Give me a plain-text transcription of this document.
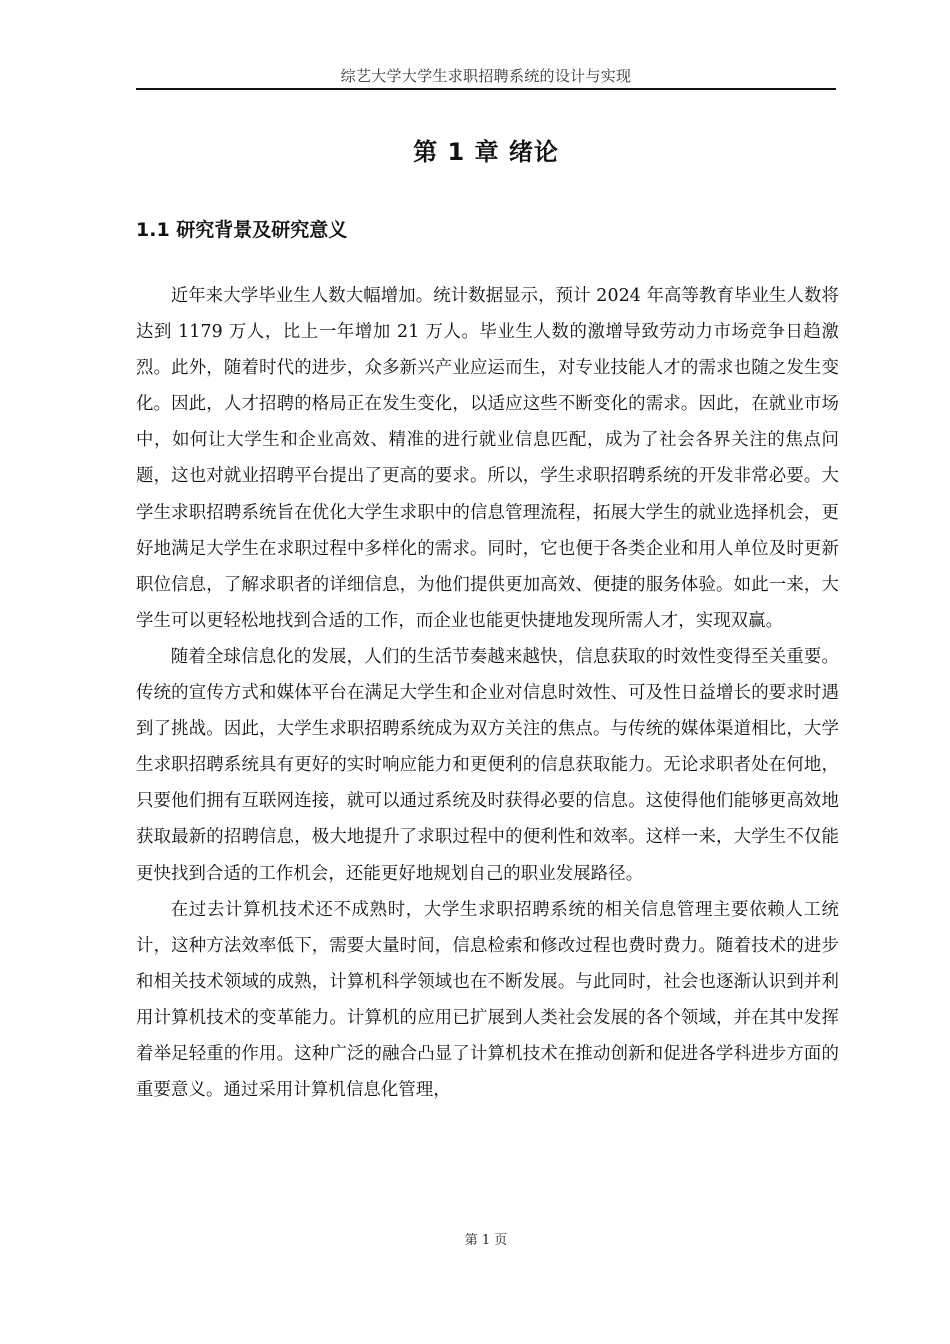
综艺大学大学生求职招聘系统的设计与实现
第 1 章 绪论
1.1 研究背景及研究意义

近年来大学毕业生人数大幅增加。统计数据显示，预计 2024 年高等教育毕业生人数将达到 1179 万人，比上一年增加 21 万人。毕业生人数的激增导致劳动力市场竞争日趋激烈。此外，随着时代的进步，众多新兴产业应运而生，对专业技能人才的需求也随之发生变化。因此，人才招聘的格局正在发生变化，以适应这些不断变化的需求。因此，在就业市场中，如何让大学生和企业高效、精准的进行就业信息匹配，成为了社会各界关注的焦点问题，这也对就业招聘平台提出了更高的要求。所以，学生求职招聘系统的开发非常必要。大学生求职招聘系统旨在优化大学生求职中的信息管理流程，拓展大学生的就业选择机会，更好地满足大学生在求职过程中多样化的需求。同时，它也便于各类企业和用人单位及时更新职位信息，了解求职者的详细信息，为他们提供更加高效、便捷的服务体验。如此一来，大学生可以更轻松地找到合适的工作，而企业也能更快捷地发现所需人才，实现双赢。

随着全球信息化的发展，人们的生活节奏越来越快，信息获取的时效性变得至关重要。传统的宣传方式和媒体平台在满足大学生和企业对信息时效性、可及性日益增长的要求时遇到了挑战。因此，大学生求职招聘系统成为双方关注的焦点。与传统的媒体渠道相比，大学生求职招聘系统具有更好的实时响应能力和更便利的信息获取能力。无论求职者处在何地，只要他们拥有互联网连接，就可以通过系统及时获得必要的信息。这使得他们能够更高效地获取最新的招聘信息，极大地提升了求职过程中的便利性和效率。这样一来，大学生不仅能更快找到合适的工作机会，还能更好地规划自己的职业发展路径。

在过去计算机技术还不成熟时，大学生求职招聘系统的相关信息管理主要依赖人工统计，这种方法效率低下，需要大量时间，信息检索和修改过程也费时费力。随着技术的进步和相关技术领域的成熟，计算机科学领域也在不断发展。与此同时，社会也逐渐认识到并利用计算机技术的变革能力。计算机的应用已扩展到人类社会发展的各个领域，并在其中发挥着举足轻重的作用。这种广泛的融合凸显了计算机技术在推动创新和促进各学科进步方面的重要意义。通过采用计算机信息化管理，

第 1 页
